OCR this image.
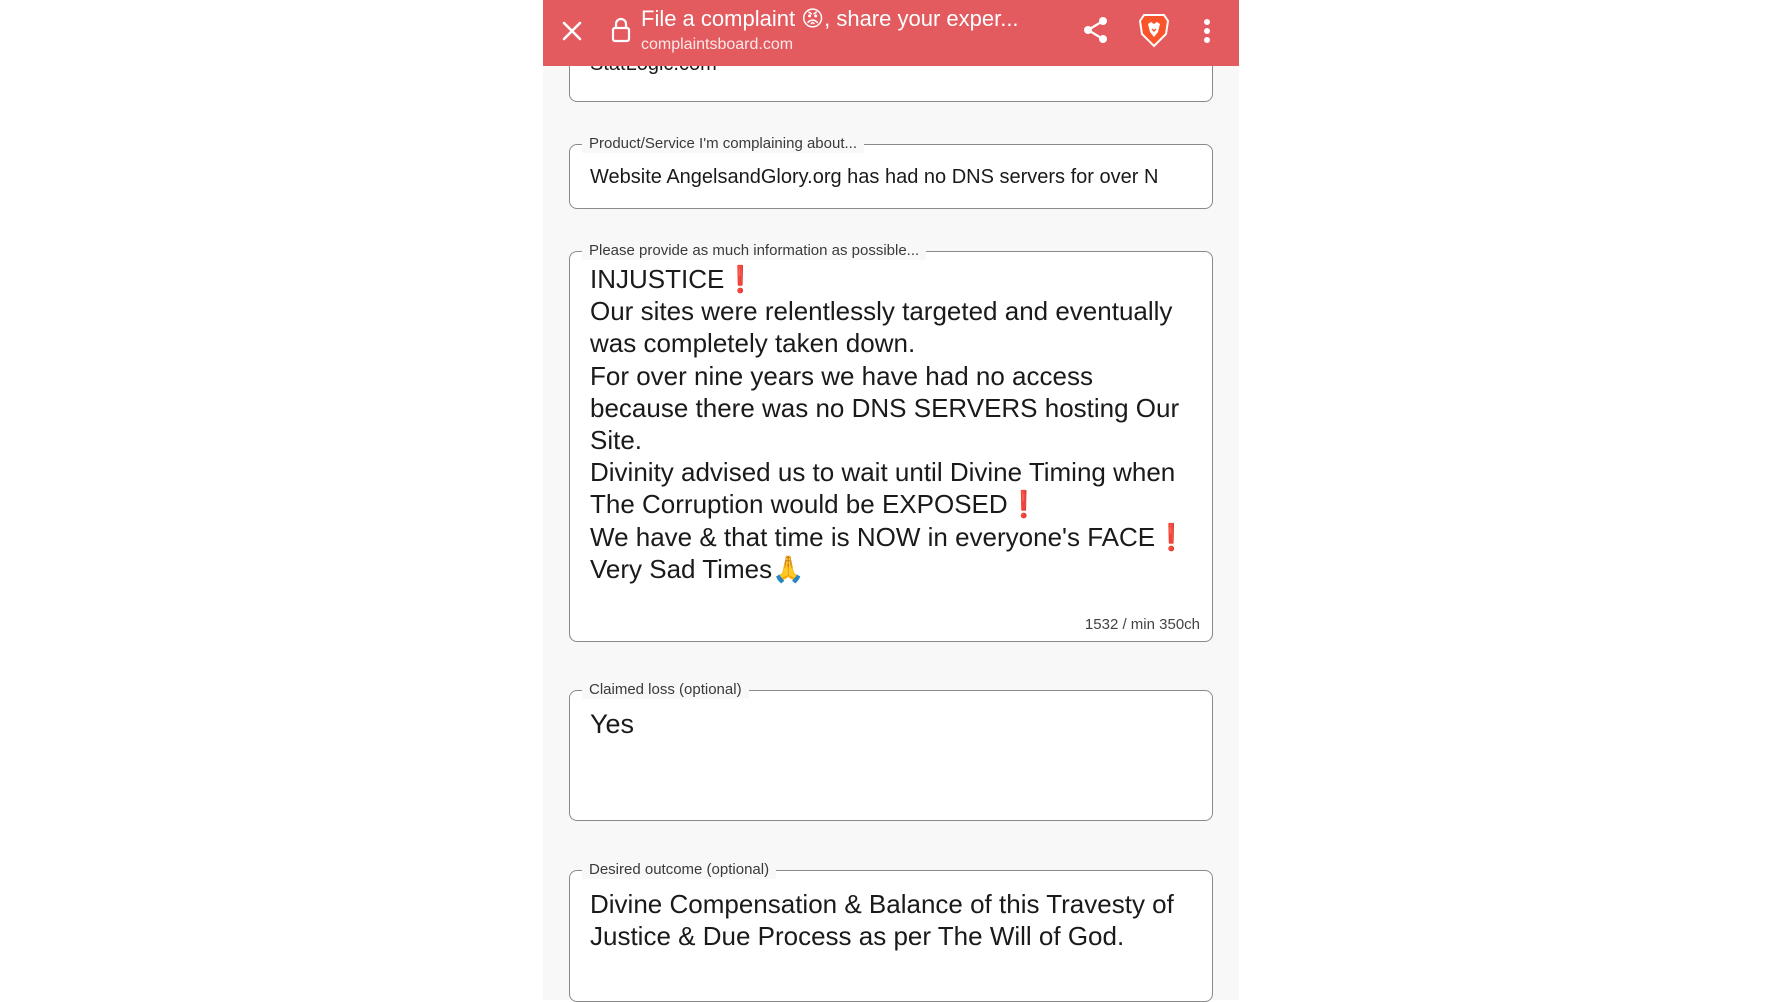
File a complaint 😡, share your exper...
complaintsboard.com
Product/Service I'm complaining about...
Website AngelsandGlory.org has had no DNS servers for over N
Please provide as much information as possible...
INJUSTICE❗
Our sites were relentlessly targeted and eventually was completely taken down.
For over nine years we have had no access because there was no DNS SERVERS hosting Our Site.
Divinity advised us to wait until Divine Timing when The Corruption would be EXPOSED❗
We have & that time is NOW in everyone's FACE❗ Very Sad Times🙏
1532 / min 350ch
Claimed loss (optional)
Yes
Desired outcome (optional)
Divine Compensation & Balance of this Travesty of Justice & Due Process as per The Will of God.
